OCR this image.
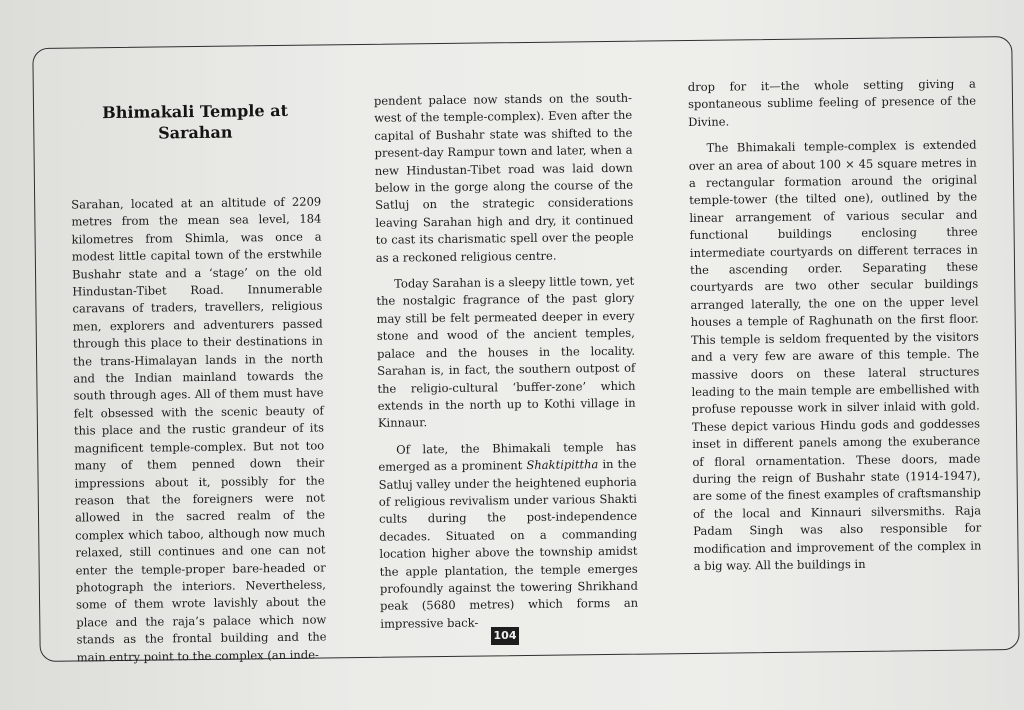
Bhimakali Temple at Sarahan

Sarahan, located at an altitude of 2209 metres from the mean sea level, 184 kilometres from Shimla, was once a modest little capital town of the erstwhile Bushahr state and a ‘stage’ on the old Hindustan-Tibet Road. Innumerable caravans of traders, travellers, religious men, explorers and adventurers passed through this place to their destinations in the trans-Himalayan lands in the north and the Indian mainland towards the south through ages. All of them must have felt obsessed with the scenic beauty of this place and the rustic grandeur of its magnificent temple-complex. But not too many of them penned down their impressions about it, possibly for the reason that the foreigners were not allowed in the sacred realm of the complex which taboo, although now much relaxed, still continues and one can not enter the temple-proper bare-headed or photograph the interiors. Nevertheless, some of them wrote lavishly about the place and the raja’s palace which now stands as the frontal building and the main entry point to the complex (an inde-

pendent palace now stands on the south-west of the temple-complex). Even after the capital of Bushahr state was shifted to the present-day Rampur town and later, when a new Hindustan-Tibet road was laid down below in the gorge along the course of the Satluj on the strategic considerations leaving Sarahan high and dry, it continued to cast its charismatic spell over the people as a reckoned religious centre.

Today Sarahan is a sleepy little town, yet the nostalgic fragrance of the past glory may still be felt permeated deeper in every stone and wood of the ancient temples, palace and the houses in the locality. Sarahan is, in fact, the southern outpost of the religio-cultural ‘buffer-zone’ which extends in the north up to Kothi village in Kinnaur.

Of late, the Bhimakali temple has emerged as a prominent Shaktipittha in the Satluj valley under the heightened euphoria of religious revivalism under various Shakti cults during the post-independence decades. Situated on a commanding location higher above the township amidst the apple plantation, the temple emerges profoundly against the towering Shrikhand peak (5680 metres) which forms an impressive back-

drop for it—the whole setting giving a spontaneous sublime feeling of presence of the Divine.

The Bhimakali temple-complex is extended over an area of about 100 × 45 square metres in a rectangular formation around the original temple-tower (the tilted one), outlined by the linear arrangement of various secular and functional buildings enclosing three intermediate courtyards on different terraces in the ascending order. Separating these courtyards are two other secular buildings arranged laterally, the one on the upper level houses a temple of Raghunath on the first floor. This temple is seldom frequented by the visitors and a very few are aware of this temple. The massive doors on these lateral structures leading to the main temple are embellished with profuse repousse work in silver inlaid with gold. These depict various Hindu gods and goddesses inset in different panels among the exuberance of floral ornamentation. These doors, made during the reign of Bushahr state (1914-1947), are some of the finest examples of craftsmanship of the local and Kinnauri silversmiths. Raja Padam Singh was also responsible for modification and improvement of the complex in a big way. All the buildings in

104
